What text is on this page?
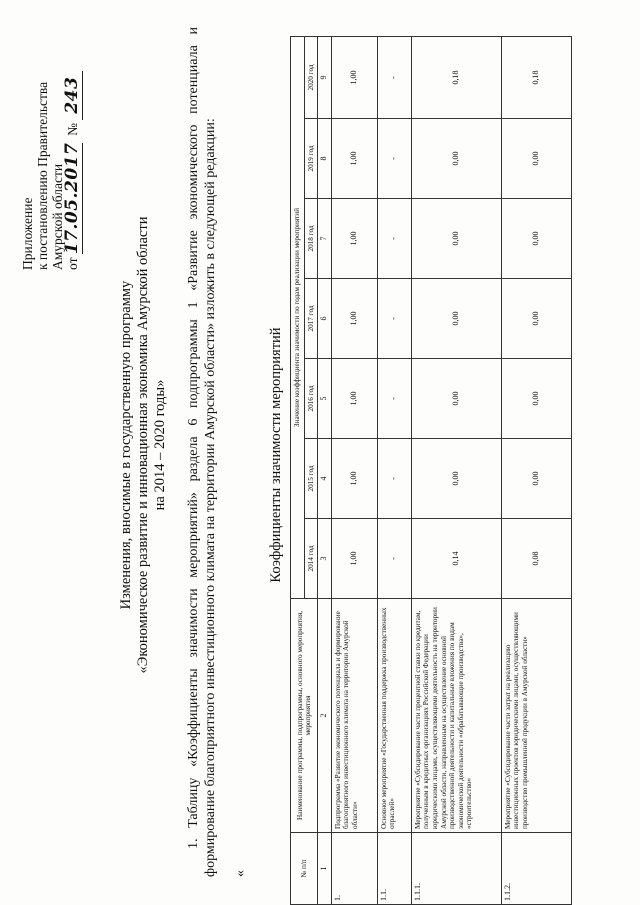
Приложение к постановлению Правительства Амурской области от 17.05.2017  № 243
Изменения, вносимые в государственную программу «Экономическое развитие и инновационная экономика Амурской области на 2014 – 2020 годы» 1. Таблицу «Коэффициенты значимости мероприятий» раздела 6 подпрограммы 1 «Развитие экономического потенциала и формирование благоприятного инвестиционного климата на территории Амурской области» изложить в следующей редакции: «
Коэффициенты значимости мероприятий
№ п/п	Наименование программы, подпрограммы, основного мероприятия, мероприятия	Значение коэффициента значимости по годам реализации мероприятий						
		2014 год	2015 год	2016 год	2017 год	2018 год	2019 год	2020 год
1	2	3	4	5	6	7	8	9
1.	Подпрограмма «Развитие экономического потенциала и формирование благоприятного инвестиционного климата на территории Амурской области»	1,00	1,00	1,00	1,00	1,00	1,00	1,00
1.1.	Основное мероприятие «Государственная поддержка производственных отраслей»	-	-	-	-	-	-	-
1.1.1.	Мероприятие «Субсидирование части процентной ставки по кредитам, полученным в кредитных организациях Российской Федерации юридическими лицами, осуществляющими деятельность на территории Амурской области, направленным на осуществление основной производственной деятельности и капитальные вложения по видам экономической деятельности «обрабатывающие производства», «строительство»	0,14	0,00	0,00	0,00	0,00	0,00	0,18
1.1.2.	Мероприятие «Субсидирование части затрат на реализацию инвестиционных проектов юридическими лицами, осуществляющими производство промышленной продукции в Амурской области»	0,08	0,00	0,00	0,00	0,00	0,00	0,18
